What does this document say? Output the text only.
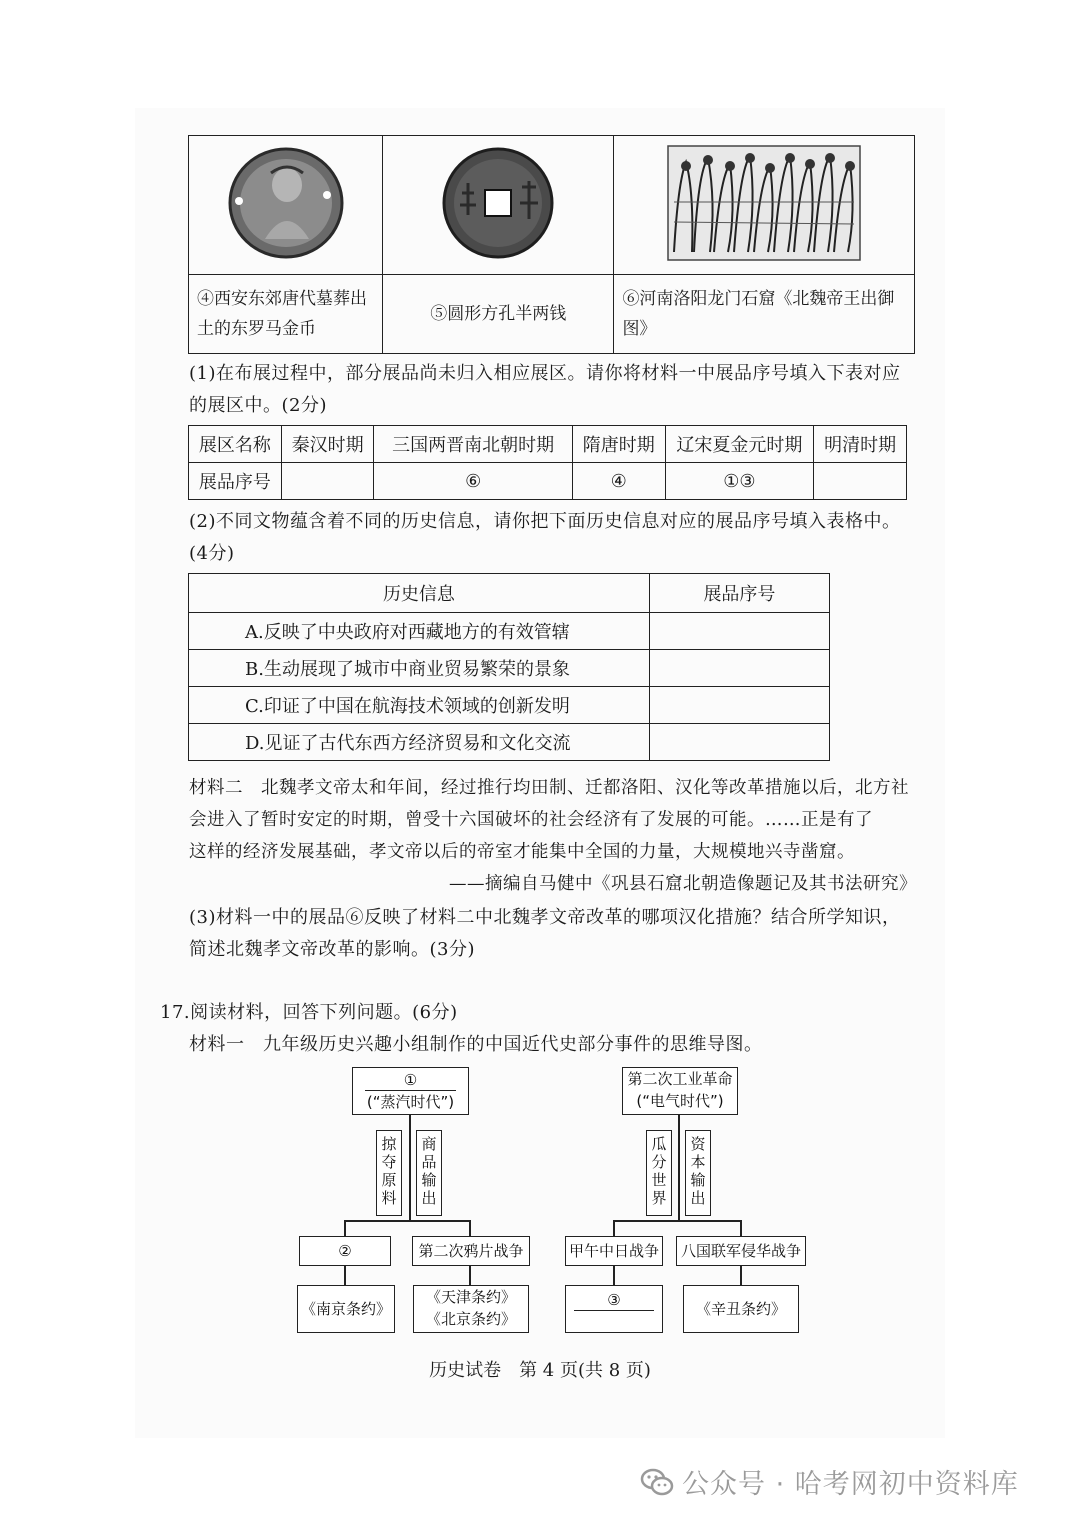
④西安东郊唐代墓葬出土的东罗马金币	⑤圆形方孔半两钱	⑥河南洛阳龙门石窟《北魏帝王出御图》
(1)在布展过程中，部分展品尚未归入相应展区。请你将材料一中展品序号填入下表对应
的展区中。(2分)
展区名称	秦汉时期	三国两晋南北朝时期	隋唐时期	辽宋夏金元时期	明清时期
展品序号		⑥	④	①③	
(2)不同文物蕴含着不同的历史信息，请你把下面历史信息对应的展品序号填入表格中。
(4分)
历史信息	展品序号
A.反映了中央政府对西藏地方的有效管辖	
B.生动展现了城市中商业贸易繁荣的景象	
C.印证了中国在航海技术领域的创新发明	
D.见证了古代东西方经济贸易和文化交流	
材料二　北魏孝文帝太和年间，经过推行均田制、迁都洛阳、汉化等改革措施以后，北方社
会进入了暂时安定的时期，曾受十六国破坏的社会经济有了发展的可能。……正是有了
这样的经济发展基础，孝文帝以后的帝室才能集中全国的力量，大规模地兴寺凿窟。
——摘编自马健中《巩县石窟北朝造像题记及其书法研究》
(3)材料一中的展品⑥反映了材料二中北魏孝文帝改革的哪项汉化措施？结合所学知识，
简述北魏孝文帝改革的影响。(3分)
17.阅读材料，回答下列问题。(6分)
材料一　九年级历史兴趣小组制作的中国近代史部分事件的思维导图。
①
(“蒸汽时代”)
掠
夺
原
料
商
品
输
出
②	第二次鸦片战争
《南京条约》
《天津条约》
《北京条约》
第二次工业革命
(“电气时代”)
瓜
分
世
界
资
本
输
出
甲午中日战争	八国联军侵华战争
③	《辛丑条约》
历史试卷　第 4 页(共 8 页)
公众号 · 哈考网初中资料库
